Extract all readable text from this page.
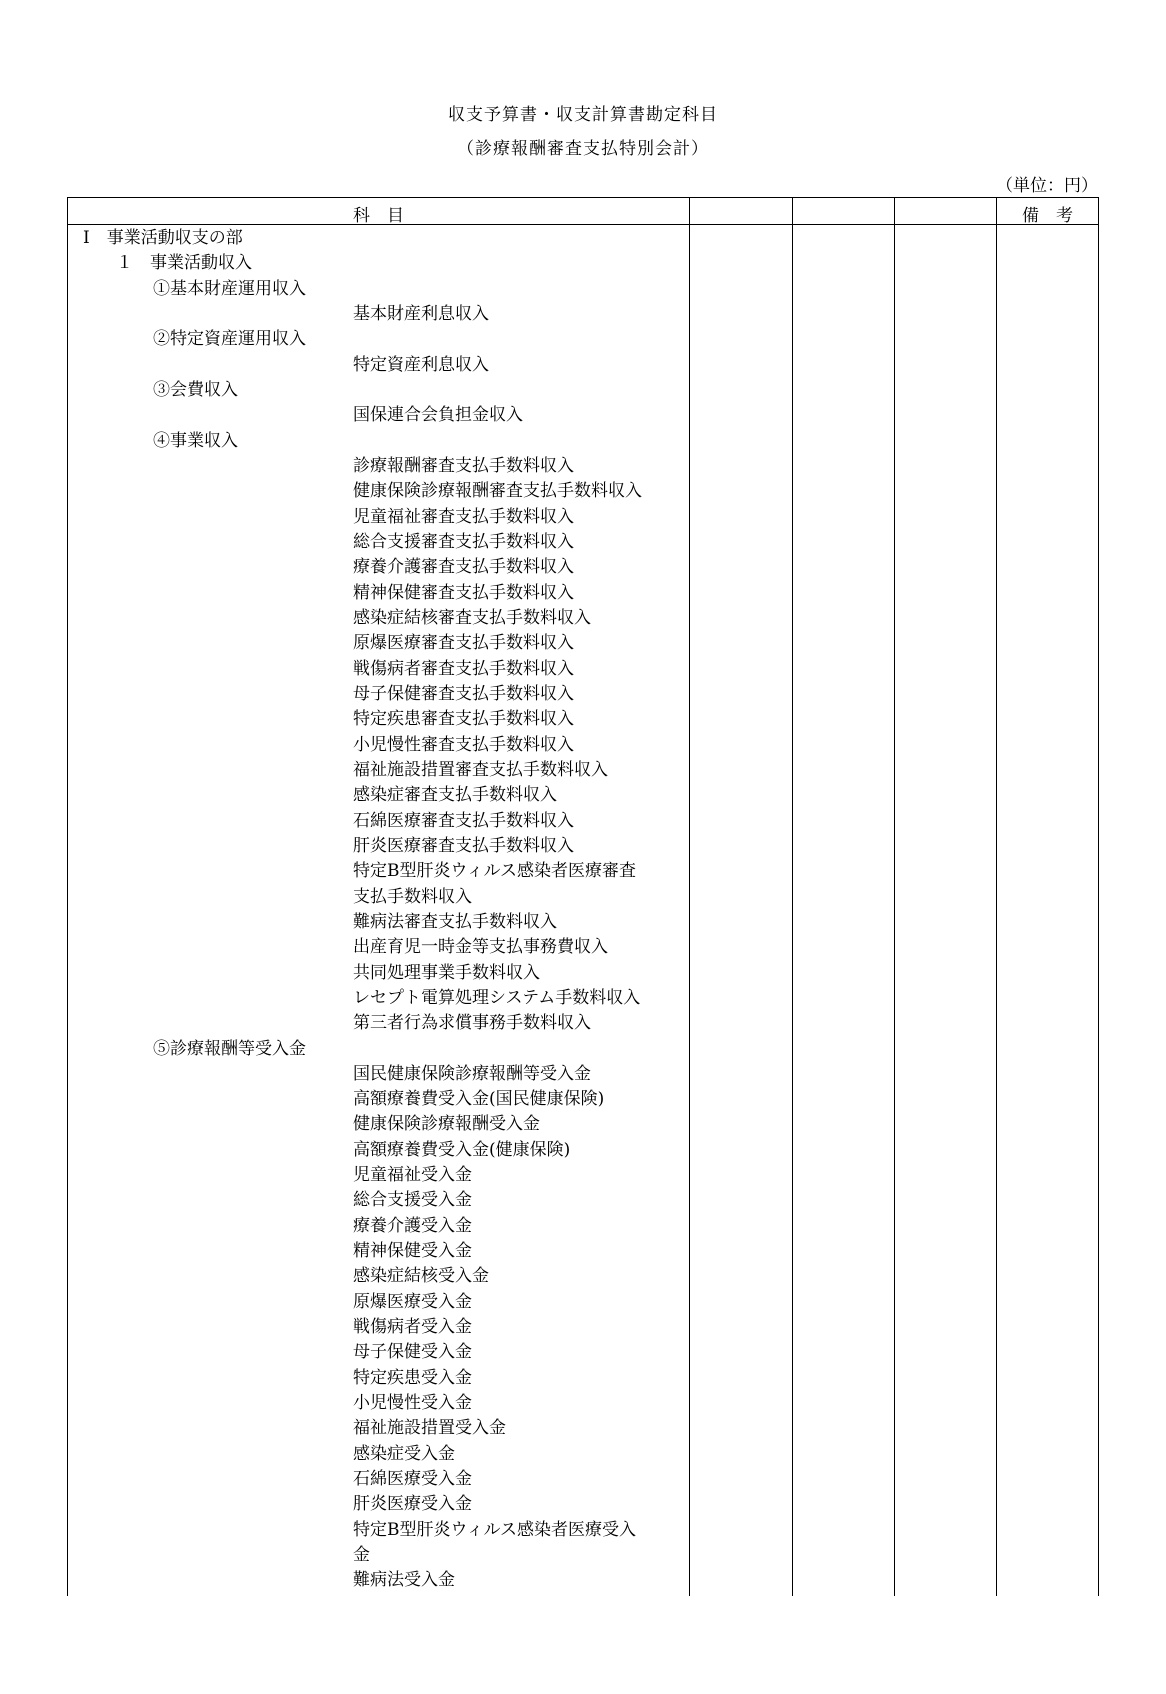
収支予算書・収支計算書勘定科目
（診療報酬審査支払特別会計）
（単位：円）
科　目	備　考
Ⅰ　事業活動収支の部
１　事業活動収入
①基本財産運用収入
基本財産利息収入
②特定資産運用収入
特定資産利息収入
③会費収入
国保連合会負担金収入
④事業収入
診療報酬審査支払手数料収入
健康保険診療報酬審査支払手数料収入
児童福祉審査支払手数料収入
総合支援審査支払手数料収入
療養介護審査支払手数料収入
精神保健審査支払手数料収入
感染症結核審査支払手数料収入
原爆医療審査支払手数料収入
戦傷病者審査支払手数料収入
母子保健審査支払手数料収入
特定疾患審査支払手数料収入
小児慢性審査支払手数料収入
福祉施設措置審査支払手数料収入
感染症審査支払手数料収入
石綿医療審査支払手数料収入
肝炎医療審査支払手数料収入
特定B型肝炎ウィルス感染者医療審査
支払手数料収入
難病法審査支払手数料収入
出産育児一時金等支払事務費収入
共同処理事業手数料収入
レセプト電算処理システム手数料収入
第三者行為求償事務手数料収入
⑤診療報酬等受入金
国民健康保険診療報酬等受入金
高額療養費受入金(国民健康保険)
健康保険診療報酬受入金
高額療養費受入金(健康保険)
児童福祉受入金
総合支援受入金
療養介護受入金
精神保健受入金
感染症結核受入金
原爆医療受入金
戦傷病者受入金
母子保健受入金
特定疾患受入金
小児慢性受入金
福祉施設措置受入金
感染症受入金
石綿医療受入金
肝炎医療受入金
特定B型肝炎ウィルス感染者医療受入
金
難病法受入金
